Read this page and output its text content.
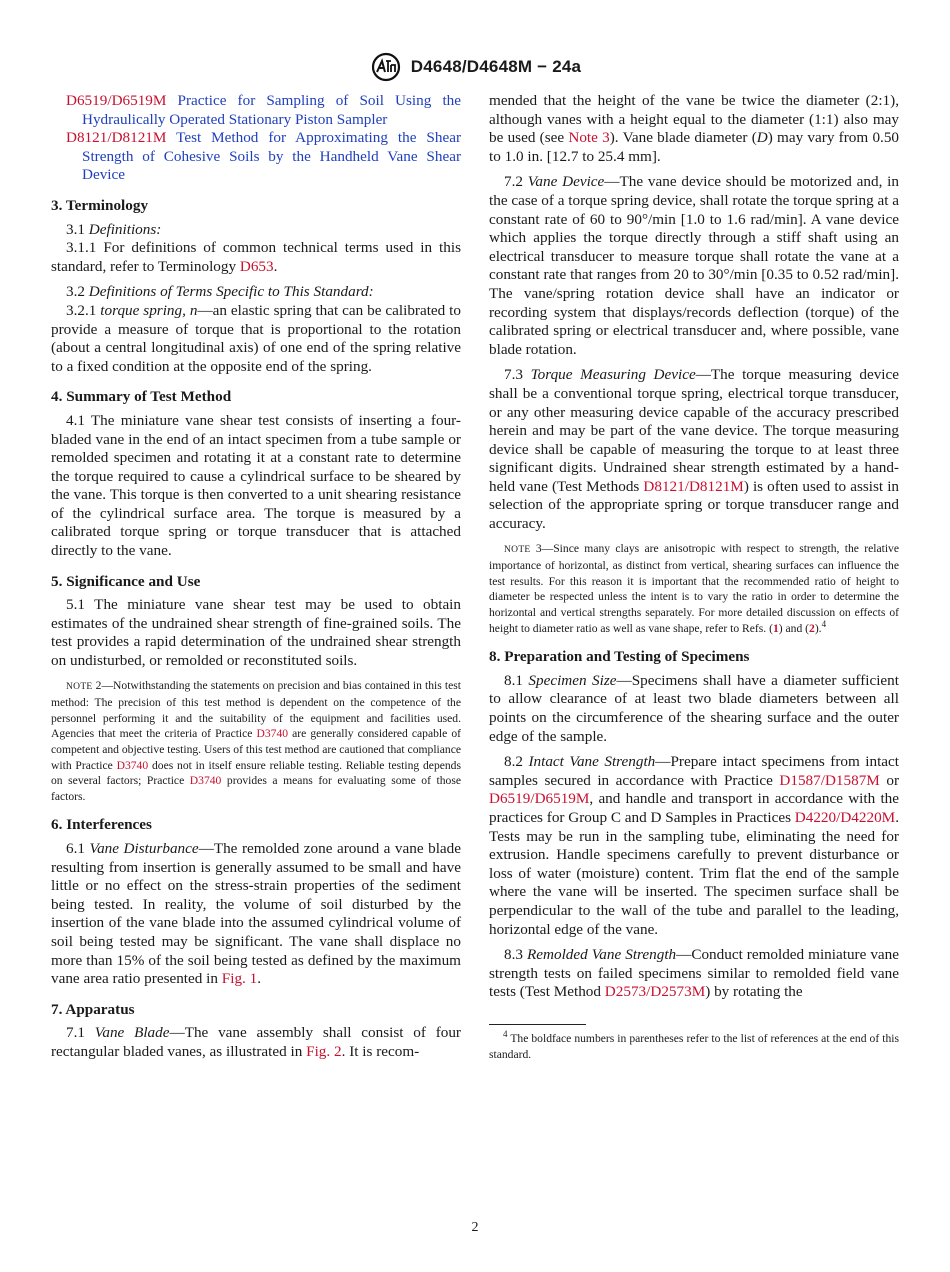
D4648/D4648M − 24a

D6519/D6519M Practice for Sampling of Soil Using the Hydraulically Operated Stationary Piston Sampler

D8121/D8121M Test Method for Approximating the Shear Strength of Cohesive Soils by the Handheld Vane Shear Device

3. Terminology

3.1 Definitions:

3.1.1 For definitions of common technical terms used in this standard, refer to Terminology D653.

3.2 Definitions of Terms Specific to This Standard:

3.2.1 torque spring, n—an elastic spring that can be calibrated to provide a measure of torque that is proportional to the rotation (about a central longitudinal axis) of one end of the spring relative to a fixed condition at the opposite end of the spring.

4. Summary of Test Method

4.1 The miniature vane shear test consists of inserting a four-bladed vane in the end of an intact specimen from a tube sample or remolded specimen and rotating it at a constant rate to determine the torque required to cause a cylindrical surface to be sheared by the vane. This torque is then converted to a unit shearing resistance of the cylindrical surface area. The torque is measured by a calibrated torque spring or torque transducer that is attached directly to the vane.

5. Significance and Use

5.1 The miniature vane shear test may be used to obtain estimates of the undrained shear strength of fine-grained soils. The test provides a rapid determination of the undrained shear strength on undisturbed, or remolded or reconstituted soils.

NOTE 2—Notwithstanding the statements on precision and bias contained in this test method: The precision of this test method is dependent on the competence of the personnel performing it and the suitability of the equipment and facilities used. Agencies that meet the criteria of Practice D3740 are generally considered capable of competent and objective testing. Users of this test method are cautioned that compliance with Practice D3740 does not in itself ensure reliable testing. Reliable testing depends on several factors; Practice D3740 provides a means for evaluating some of those factors.

6. Interferences

6.1 Vane Disturbance—The remolded zone around a vane blade resulting from insertion is generally assumed to be small and have little or no effect on the stress-strain properties of the sediment being tested. In reality, the volume of soil disturbed by the insertion of the vane blade into the assumed cylindrical volume of soil being tested may be significant. The vane shall displace no more than 15% of the soil being tested as defined by the maximum vane area ratio presented in Fig. 1.

7. Apparatus

7.1 Vane Blade—The vane assembly shall consist of four rectangular bladed vanes, as illustrated in Fig. 2. It is recom-

mended that the height of the vane be twice the diameter (2:1), although vanes with a height equal to the diameter (1:1) also may be used (see Note 3). Vane blade diameter (D) may vary from 0.50 to 1.0 in. [12.7 to 25.4 mm].

7.2 Vane Device—The vane device should be motorized and, in the case of a torque spring device, shall rotate the torque spring at a constant rate of 60 to 90°/min [1.0 to 1.6 rad/min]. A vane device which applies the torque directly through a stiff shaft using an electrical transducer to measure torque shall rotate the vane at a constant rate that ranges from 20 to 30°/min [0.35 to 0.52 rad/min]. The vane/spring rotation device shall have an indicator or recording system that displays/records deflection (torque) of the calibrated spring or electrical transducer and, where possible, vane blade rotation.

7.3 Torque Measuring Device—The torque measuring device shall be a conventional torque spring, electrical torque transducer, or any other measuring device capable of the accuracy prescribed herein and may be part of the vane device. The torque measuring device shall be capable of measuring the torque to at least three significant digits. Undrained shear strength estimated by a hand-held vane (Test Methods D8121/D8121M) is often used to assist in selection of the appropriate spring or torque transducer range and accuracy.

NOTE 3—Since many clays are anisotropic with respect to strength, the relative importance of horizontal, as distinct from vertical, shearing surfaces can influence the test results. For this reason it is important that the recommended ratio of height to diameter be respected unless the intent is to vary the ratio in order to determine the horizontal and vertical strengths separately. For more detailed discussion on effects of height to diameter ratio as well as vane shape, refer to Refs. (1) and (2).$^4$

8. Preparation and Testing of Specimens

8.1 Specimen Size—Specimens shall have a diameter sufficient to allow clearance of at least two blade diameters between all points on the circumference of the shearing surface and the outer edge of the sample.

8.2 Intact Vane Strength—Prepare intact specimens from intact samples secured in accordance with Practice D1587/D1587M or D6519/D6519M, and handle and transport in accordance with the practices for Group C and D Samples in Practices D4220/D4220M. Tests may be run in the sampling tube, eliminating the need for extrusion. Handle specimens carefully to prevent disturbance or loss of water (moisture) content. Trim flat the end of the sample where the vane will be inserted. The specimen surface shall be perpendicular to the wall of the tube and parallel to the leading, horizontal edge of the vane.

8.3 Remolded Vane Strength—Conduct remolded miniature vane strength tests on failed specimens similar to remolded field vane tests (Test Method D2573/D2573M) by rotating the

$^4$ The boldface numbers in parentheses refer to the list of references at the end of this standard.

2
